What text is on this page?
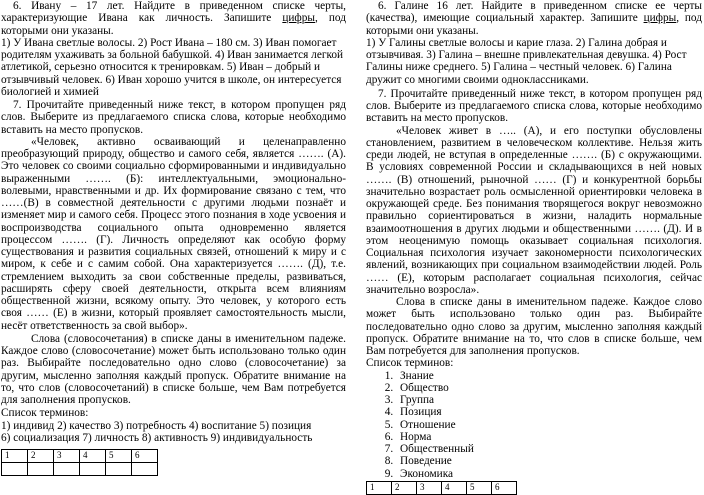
6. Ивану – 17 лет. Найдите в приведенном списке черты, характеризующие Ивана как личность. Запишите цифры, под которыми они указаны.

1) У Ивана светлые волосы. 2) Рост Ивана – 180 см. 3) Иван помогает родителям ухаживать за больной бабушкой. 4) Иван занимается легкой атлетикой, серьезно относится к тренировкам. 5) Иван – добрый и отзывчивый человек. 6) Иван хорошо учится в школе, он интересуется биологией и химией

7. Прочитайте приведенный ниже текст, в котором пропущен ряд слов. Выберите из предлагаемого списка слова, которые необходимо вставить на место пропусков.

«Человек, активно осваивающий и целенаправленно преобразующий природу, общество и самого себя, является ……. (А). Это человек со своими социально сформированными и индивидуально выраженными ……. (Б): интеллектуальными, эмоционально-волевыми, нравственными и др. Их формирование связано с тем, что ……(В) в совместной деятельности с другими людьми познаёт и изменяет мир и самого себя. Процесс этого познания в ходе усвоения и воспроизводства социального опыта одновременно является процессом ……. (Г). Личность определяют как особую форму существования и развития социальных связей, отношений к миру и с миром, к себе и с самим собой. Она характеризуется ……. (Д), т.е. стремлением выходить за свои собственные пределы, развиваться, расширять сферу своей деятельности, открыта всем влияниям общественной жизни, всякому опыту. Это человек, у которого есть своя …… (Е) в жизни, который проявляет самостоятельность мысли, несёт ответственность за свой выбор».

Слова (словосочетания) в списке даны в именительном падеже. Каждое слово (словосочетание) может быть использовано только один раз. Выбирайте последовательно одно слово (словосочетание) за другим, мысленно заполняя каждый пропуск. Обратите внимание на то, что слов (словосочетаний) в списке больше, чем Вам потребуется для заполнения пропусков.

Список терминов:

1) индивид 2) качество 3) потребность 4) воспитание 5) позиция

6) социализация 7) личность 8) активность 9) индивидуальность

1	2	3	4	5	6

6. Галине 16 лет. Найдите в приведенном списке ее черты (качества), имеющие социальный характер. Запишите цифры, под которыми они указаны.

1) У Галины светлые волосы и карие глаза. 2) Галина добрая и отзывчивая. 3) Галина – внешне привлекательная девушка. 4) Рост Галины ниже среднего. 5) Галина – честный человек. 6) Галина дружит со многими своими одноклассниками.

7. Прочитайте приведенный ниже текст, в котором пропущен ряд слов. Выберите из предлагаемого списка слова, которые необходимо вставить на место пропусков.

«Человек живет в ….. (А), и его поступки обусловлены становлением, развитием в человеческом коллективе. Нельзя жить среди людей, не вступая в определенные ……. (Б) с окружающими. В условиях современной России и складывающихся в ней новых ……. (В) отношений, рыночной …… (Г) и конкурентной борьбы значительно возрастает роль осмысленной ориентировки человека в окружающей среде. Без понимания творящегося вокруг невозможно правильно сориентироваться в жизни, наладить нормальные взаимоотношения в других людьми и общественными ……. (Д). И в этом неоценимую помощь оказывает социальная психология. Социальная психология изучает закономерности психологических явлений, возникающих при социальном взаимодействии людей. Роль …… (Е), которым располагает социальная психология, сейчас значительно возросла».

Слова в списке даны в именительном падеже. Каждое слово может быть использовано только один раз. Выбирайте последовательно одно слово за другим, мысленно заполняя каждый пропуск. Обратите внимание на то, что слов в списке больше, чем Вам потребуется для заполнения пропусков.

Список терминов:

1. Знание
2. Общество
3. Группа
4. Позиция
5. Отношение
6. Норма
7. Общественный
8. Поведение
9. Экономика
1	2	3	4	5	6
